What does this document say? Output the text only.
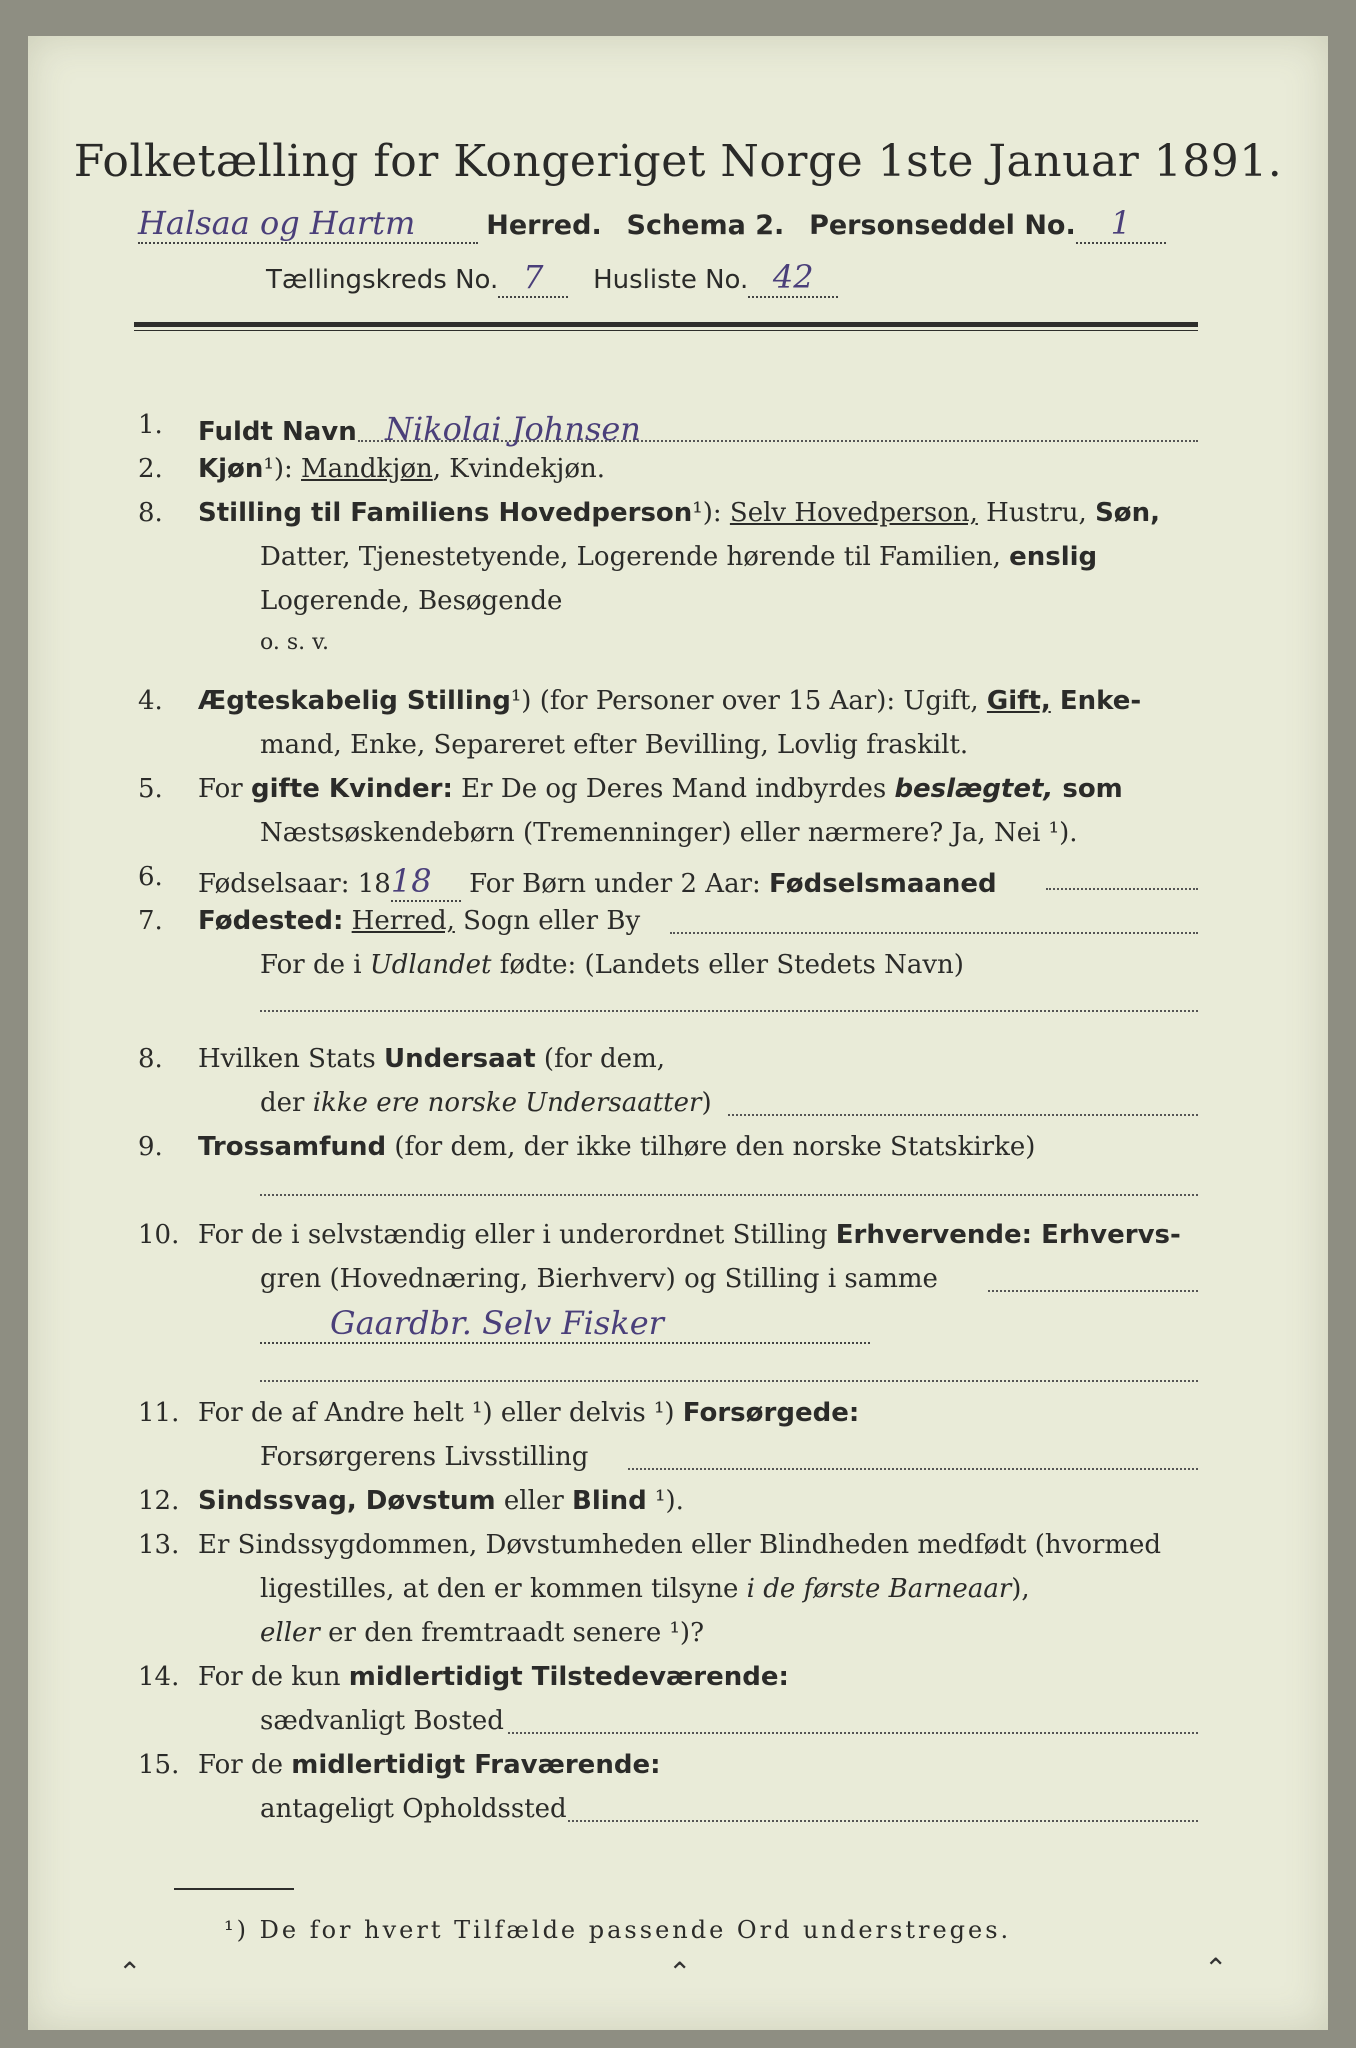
Folketælling for Kongeriget Norge 1ste Januar 1891.
Halsaa og Hartm	Herred. Schema 2. Personseddel No. 1
Tællingskreds No. 7 Husliste No. 42
1. Fuldt Navn Nikolai Johnsen
2. Kjøn¹): Mandkjøn, Kvindekjøn.
8. Stilling til Familiens Hovedperson¹): Selv Hovedperson, Hustru, Søn,
Datter, Tjenestetyende, Logerende hørende til Familien, enslig
Logerende, Besøgende
o. s. v.
4. Ægteskabelig Stilling¹) (for Personer over 15 Aar): Ugift, Gift, Enke-
mand, Enke, Separeret efter Bevilling, Lovlig fraskilt.
5. For gifte Kvinder: Er De og Deres Mand indbyrdes beslægtet, som
Næstsøskendebørn (Tremenninger) eller nærmere? Ja, Nei ¹).
6. Fødselsaar: 1818 For Børn under 2 Aar: Fødselsmaaned
7. Fødested: Herred, Sogn eller By
For de i Udlandet fødte: (Landets eller Stedets Navn)
8. Hvilken Stats Undersaat (for dem,
der ikke ere norske Undersaatter)
9. Trossamfund (for dem, der ikke tilhøre den norske Statskirke)
10. For de i selvstændig eller i underordnet Stilling Erhvervende: Erhvervs-
gren (Hovednæring, Bierhverv) og Stilling i samme
Gaardbr. Selv Fisker
11. For de af Andre helt ¹) eller delvis ¹) Forsørgede:
Forsørgerens Livsstilling
12. Sindssvag, Døvstum eller Blind ¹).
13. Er Sindssygdommen, Døvstumheden eller Blindheden medfødt (hvormed
ligestilles, at den er kommen tilsyne i de første Barneaar),
eller er den fremtraadt senere ¹)?
14. For de kun midlertidigt Tilstedeværende:
sædvanligt Bosted
15. For de midlertidigt Fraværende:
antageligt Opholdssted
¹) De for hvert Tilfælde passende Ord understreges.
⌃	⌃	⌃
